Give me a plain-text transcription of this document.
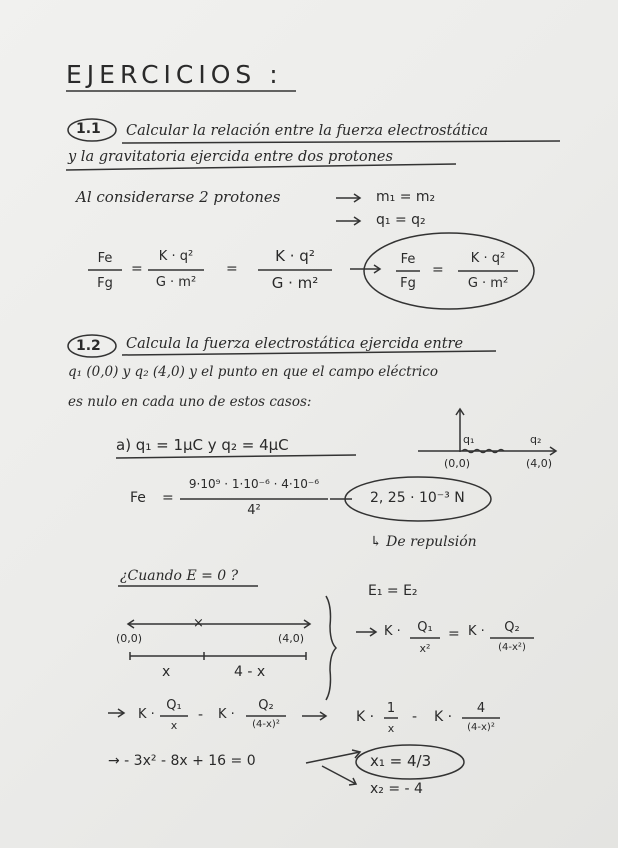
EJERCICIOS :
1.1 Calcular la relación entre la fuerza electrostática
y la gravitatoria ejercida entre dos protones
Al considerarse 2 protones	m₁ = m₂
q₁ = q₂
Fe
Fg
=
K · q²
G · m²
=
K · q²
G · m²
Fe
Fg
=
K · q²
G · m²
1.2 Calcula la fuerza electrostática ejercida entre
q₁ (0,0) y q₂ (4,0) y el punto en que el campo eléctrico
es nulo en cada uno de estos casos:
a) q₁ = 1μC y q₂ = 4μC	q₁	q₂
(0,0)	(4,0)
Fe =
9·10⁹ · 1·10⁻⁶ · 4·10⁻⁶
4²
2, 25 · 10⁻³ N
↳ De repulsión
¿Cuando E = 0 ?
×
(0,0)	(4,0)
x	4 - x
E₁ = E₂
K ·	Q₁
x²
= K ·	Q₂
(4-x²)
K ·
Q₁
x
- K ·
Q₂
(4-x)²	K ·
1
x
- K ·
4
(4-x)²
→ - 3x² - 8x + 16 = 0	x₁ = 4/3
x₂ = - 4
